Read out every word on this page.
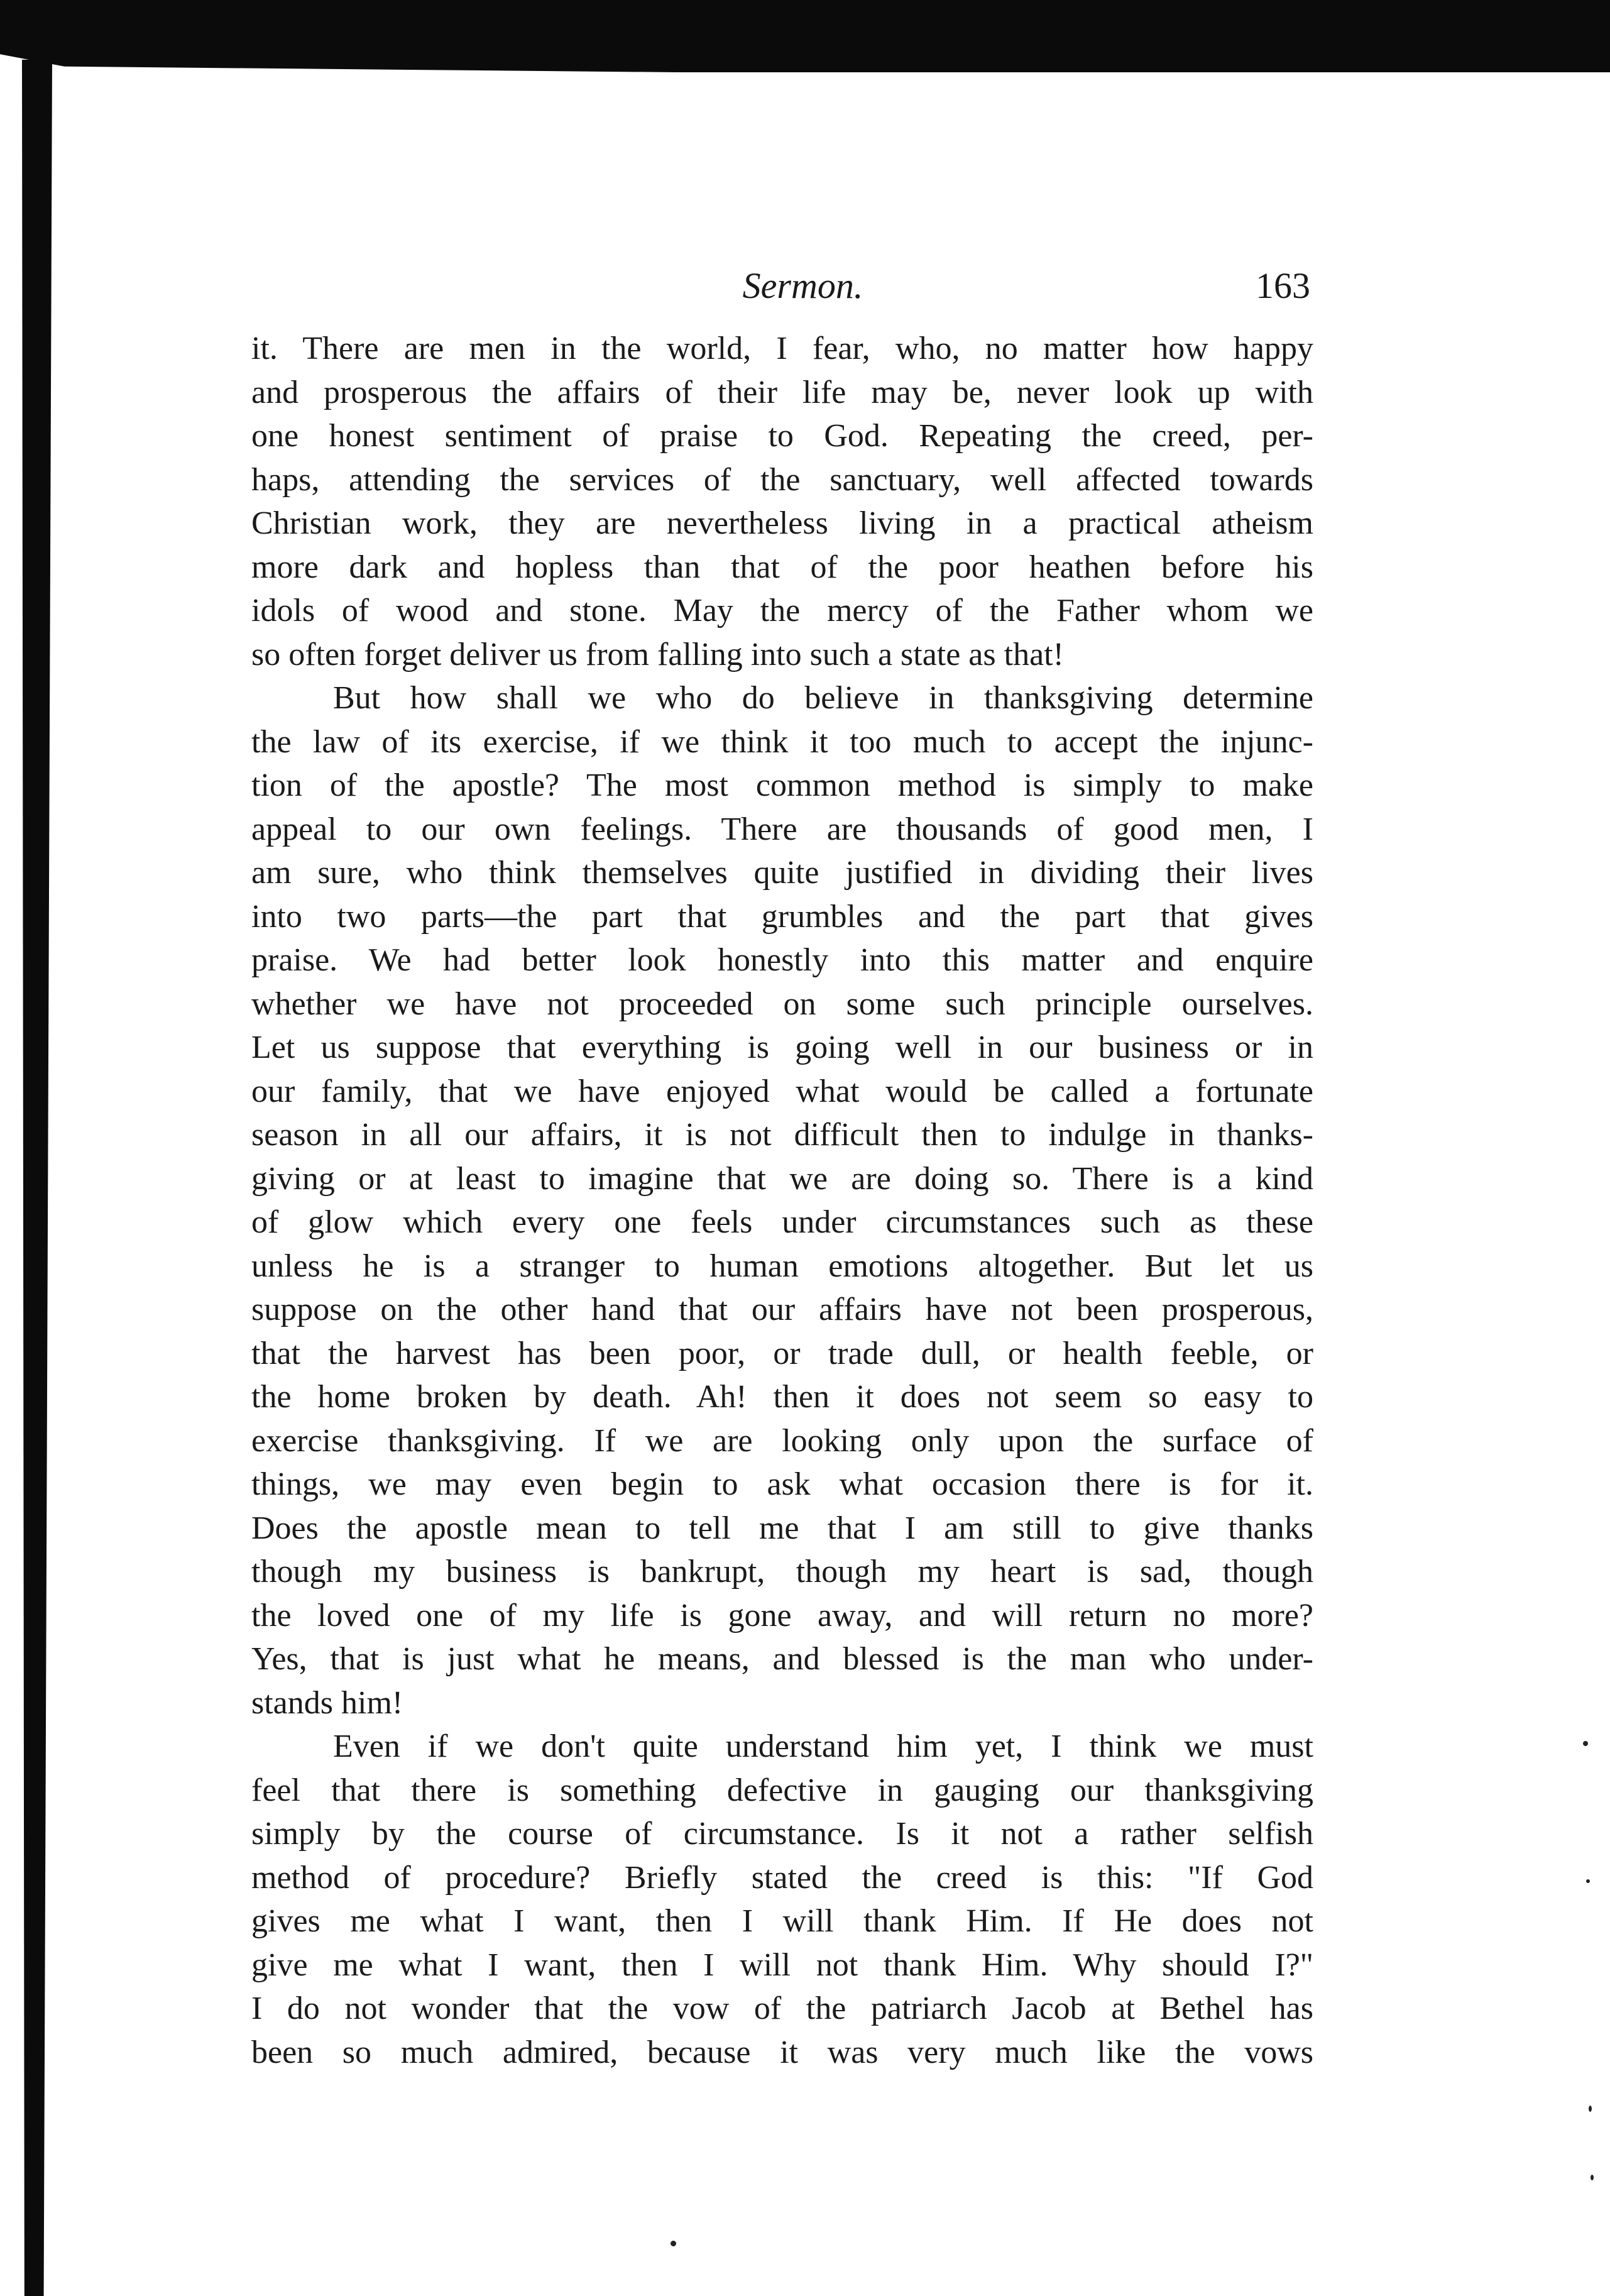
Sermon.	163
it. There are men in the world, I fear, who, no matter how happy
and prosperous the affairs of their life may be, never look up with
one honest sentiment of praise to God. Repeating the creed, per-
haps, attending the services of the sanctuary, well affected towards
Christian work, they are nevertheless living in a practical atheism
more dark and hopless than that of the poor heathen before his
idols of wood and stone. May the mercy of the Father whom we
so often forget deliver us from falling into such a state as that!
But how shall we who do believe in thanksgiving determine
the law of its exercise, if we think it too much to accept the injunc-
tion of the apostle? The most common method is simply to make
appeal to our own feelings. There are thousands of good men, I
am sure, who think themselves quite justified in dividing their lives
into two parts—the part that grumbles and the part that gives
praise. We had better look honestly into this matter and enquire
whether we have not proceeded on some such principle ourselves.
Let us suppose that everything is going well in our business or in
our family, that we have enjoyed what would be called a fortunate
season in all our affairs, it is not difficult then to indulge in thanks-
giving or at least to imagine that we are doing so. There is a kind
of glow which every one feels under circumstances such as these
unless he is a stranger to human emotions altogether. But let us
suppose on the other hand that our affairs have not been prosperous,
that the harvest has been poor, or trade dull, or health feeble, or
the home broken by death. Ah! then it does not seem so easy to
exercise thanksgiving. If we are looking only upon the surface of
things, we may even begin to ask what occasion there is for it.
Does the apostle mean to tell me that I am still to give thanks
though my business is bankrupt, though my heart is sad, though
the loved one of my life is gone away, and will return no more?
Yes, that is just what he means, and blessed is the man who under-
stands him!
Even if we don't quite understand him yet, I think we must
feel that there is something defective in gauging our thanksgiving
simply by the course of circumstance. Is it not a rather selfish
method of procedure? Briefly stated the creed is this: "If God
gives me what I want, then I will thank Him. If He does not
give me what I want, then I will not thank Him. Why should I?"
I do not wonder that the vow of the patriarch Jacob at Bethel has
been so much admired, because it was very much like the vows
